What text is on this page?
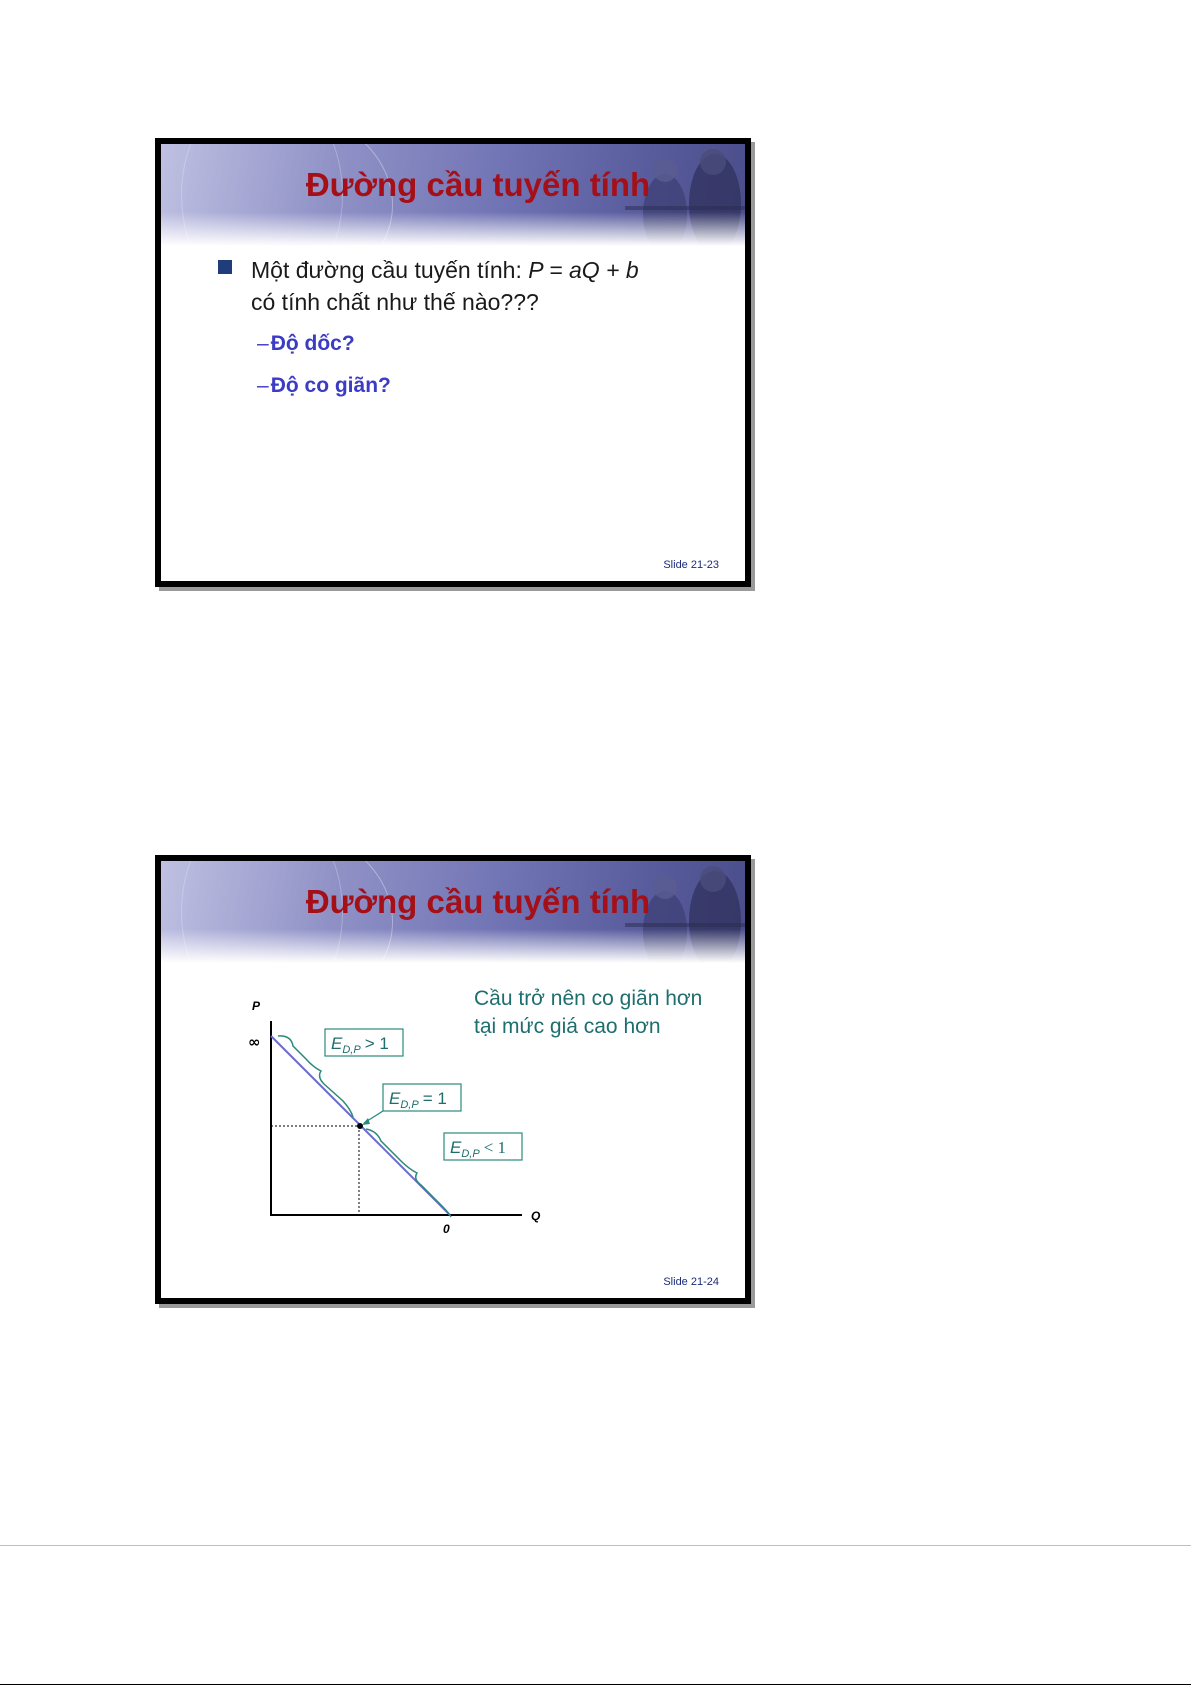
Đường cầu tuyến tính
Một đường cầu tuyến tính: P = aQ + b
có tính chất như thế nào???
–Độ dốc?
–Độ co giãn?
Slide 21-23
Đường cầu tuyến tính
Cầu trở nên co giãn hơn
tại mức giá cao hơn
P
Q
∞
0
$E_{D,P} > 1$
$E_{D,P} = 1$
$E_{D,P} < 1$
Slide 21-24
